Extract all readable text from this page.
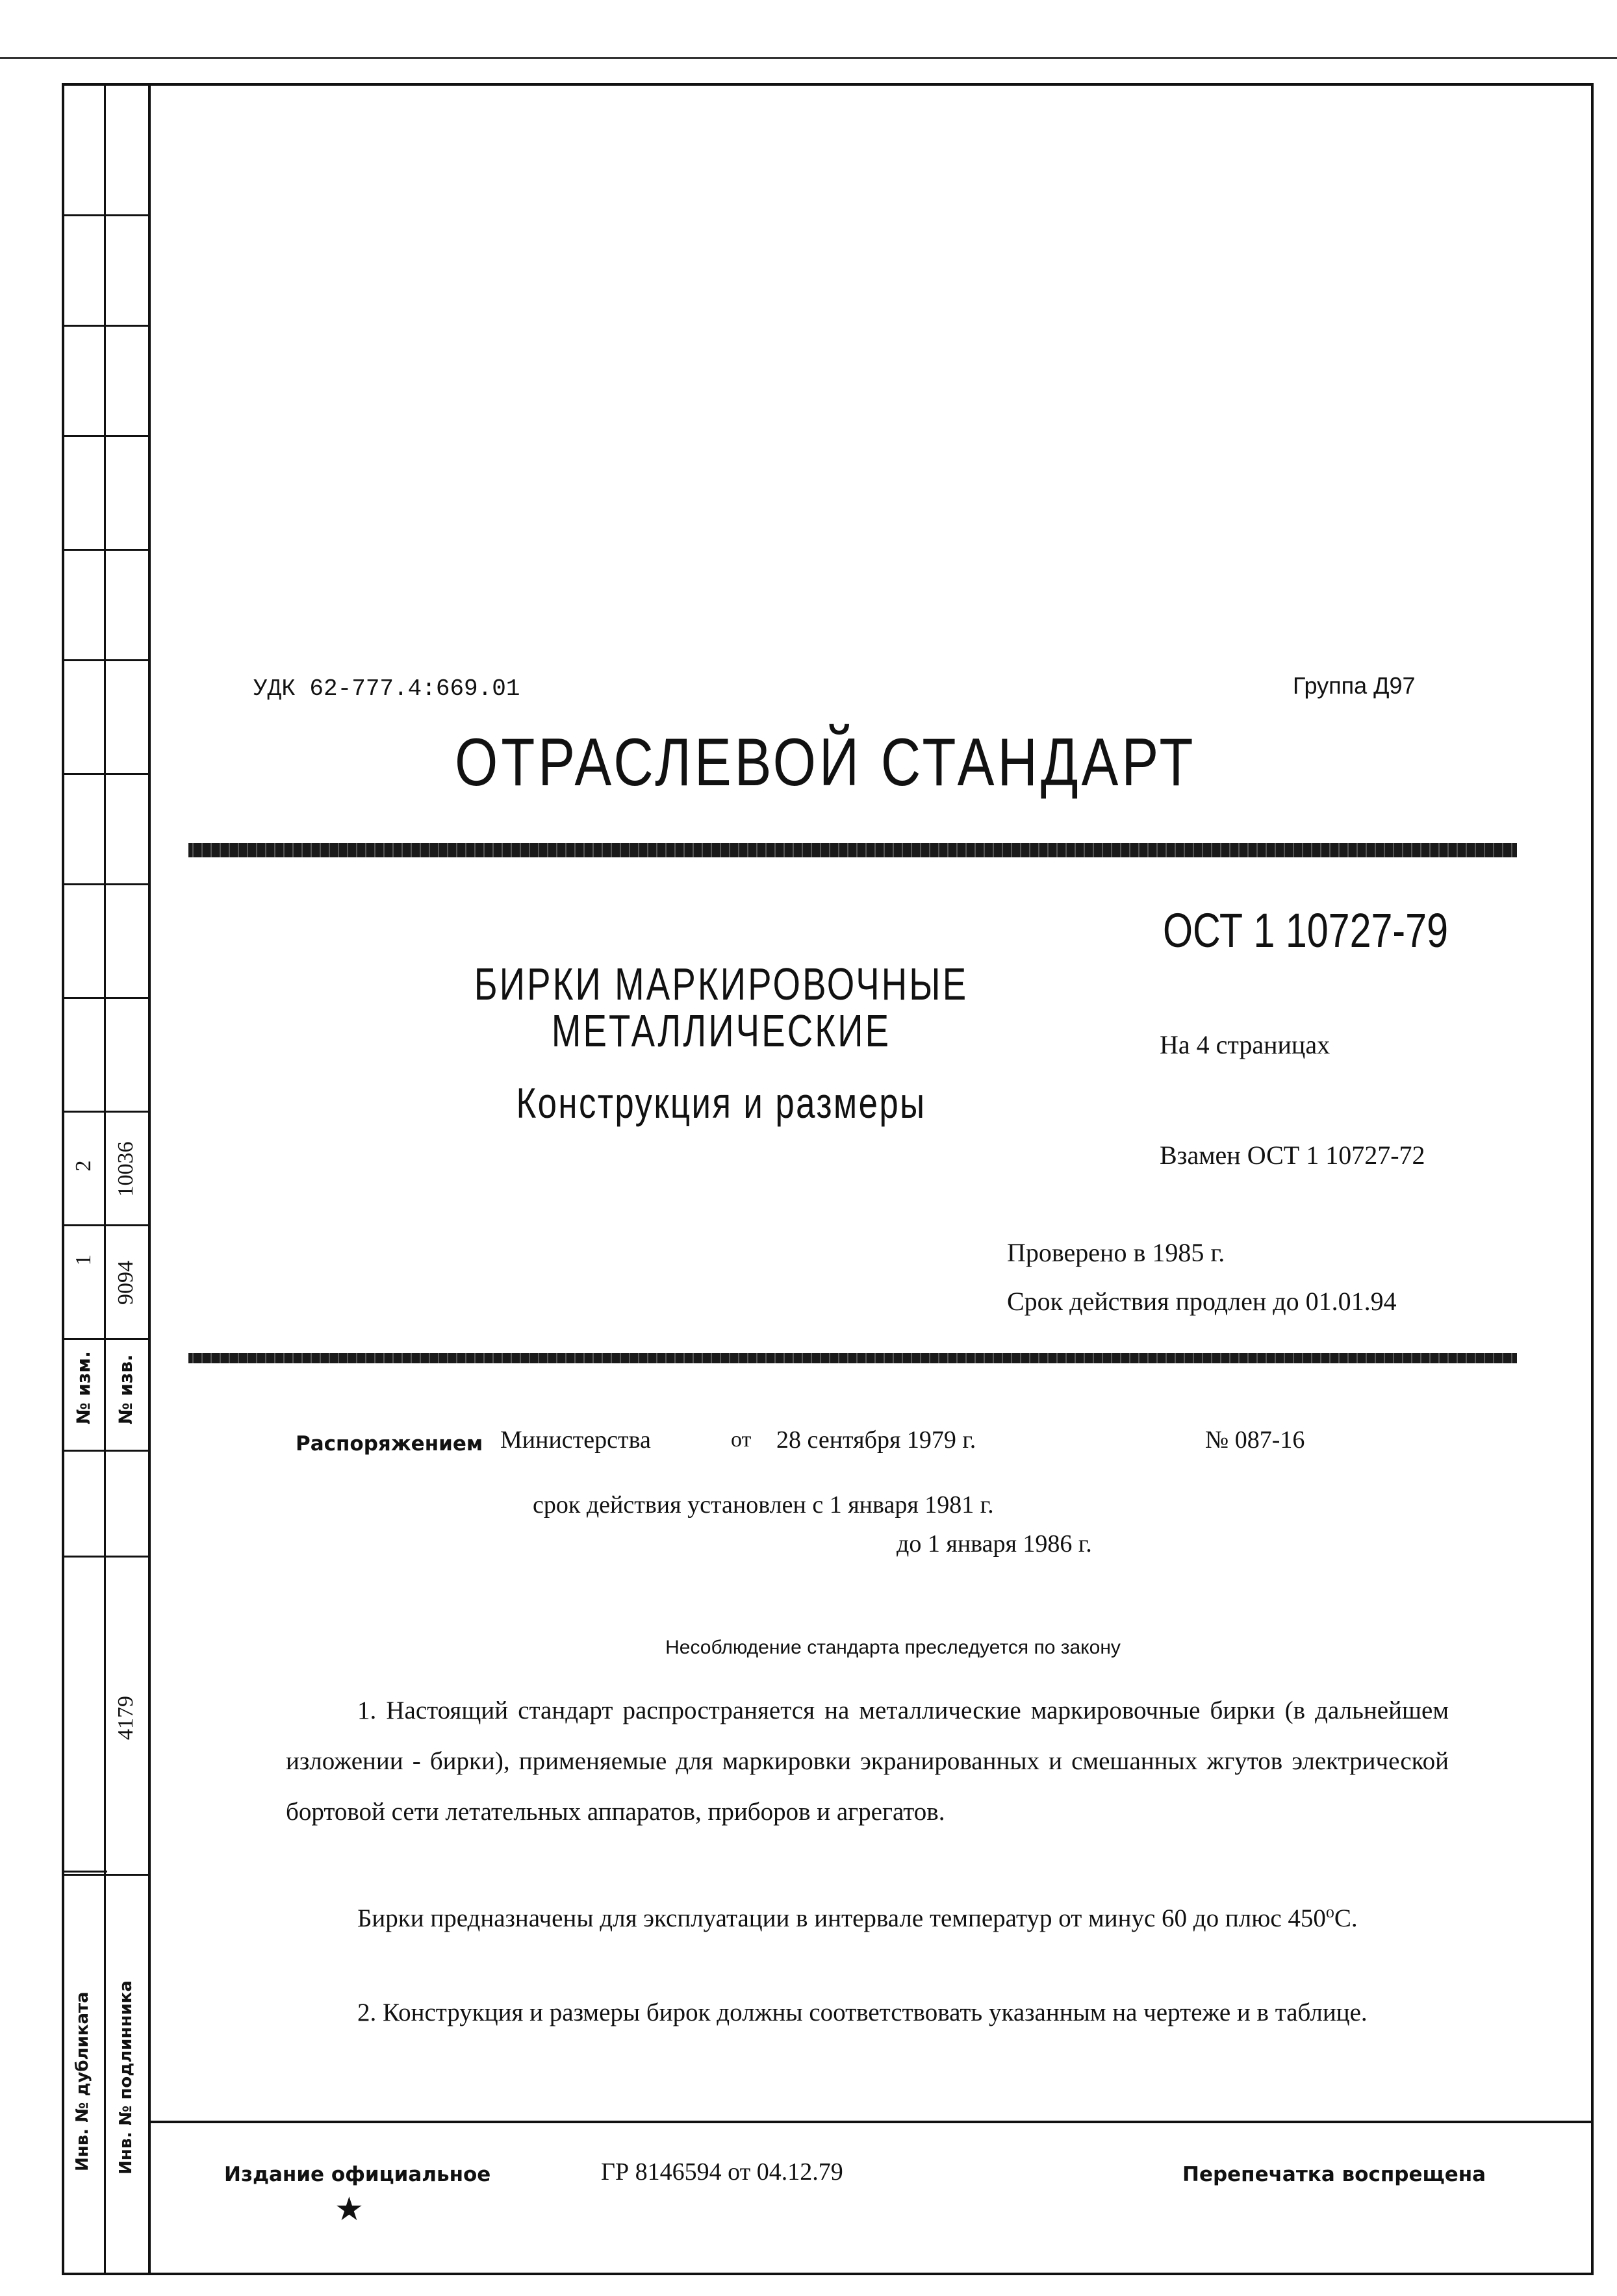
1
2
9094
10036
№ изм. № изв.
4179
Инв. № дубликата Инв. № подлинника
УДК 62-777.4:669.01	Группа Д97
ОТРАСЛЕВОЙ СТАНДАРТ
ОСТ 1 10727-79
БИРКИ МАРКИРОВОЧНЫЕ
МЕТАЛЛИЧЕСКИЕ
Конструкция и размеры
На 4 страницах
Взамен ОСТ 1 10727-72
Проверено в 1985 г.
Срок действия продлен до 01.01.94
Распоряжением Министерства	от 28 сентября 1979 г.	№ 087-16
срок действия установлен с 1 января 1981 г.
до 1 января 1986 г.
Несоблюдение стандарта преследуется по закону
1. Настоящий стандарт распространяется на металлические маркировочные бирки (в дальнейшем изложении - бирки), применяемые для маркировки экранированных и смешанных жгутов электрической бортовой сети летательных аппаратов, приборов и агрегатов.
Бирки предназначены для эксплуатации в интервале температур от минус 60 до плюс 450$^o$С.
2. Конструкция и размеры бирок должны соответствовать указанным на чертеже и в таблице.
Издание официальное
★
ГР 8146594 от 04.12.79	Перепечатка воспрещена
